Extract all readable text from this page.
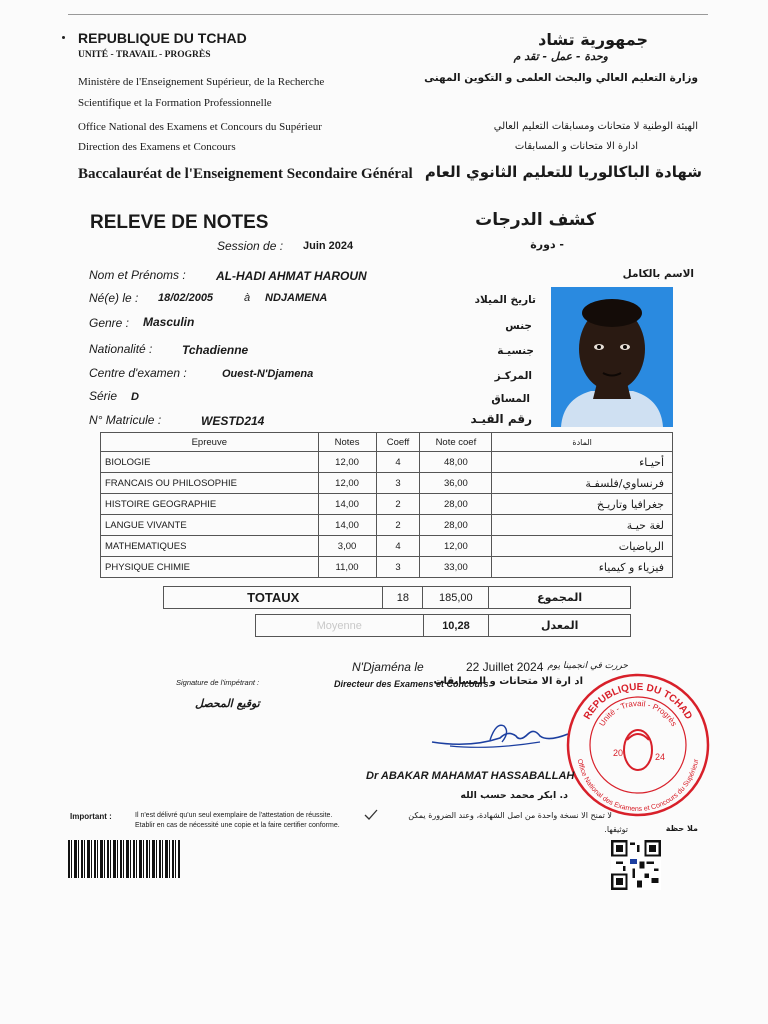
REPUBLIQUE DU TCHAD
UNITÉ - TRAVAIL - PROGRÈS
Ministère de l'Enseignement Supérieur, de la Recherche
Scientifique et la Formation Professionnelle
Office National des Examens et Concours du Supérieur
Direction des Examens et Concours
Baccalauréat de l'Enseignement Secondaire Général
جمهورية تشاد
وحدة - عمل - تقد م
وزارة التعليم العالي والبحث العلمى و التكوين المهنى
الهيئة الوطنية لا متحانات ومسابقات التعليم العالي
ادارة الا متحانات و المسابقات
شهادة الباكالوريا للتعليم الثانوي العام
RELEVE DE NOTES	كشف الدرجات
Session de : Juin 2024	- دورة
Nom et Prénoms :	AL-HADI AHMAT HAROUN	الاسم بالكامل
Né(e) le : 18/02/2005	à NDJAMENA	تاريخ الميلاد
Genre : Masculin	جنس
Nationalité : Tchadienne	جنسيـة
Centre d'examen :	Ouest-N'Djamena	المركـز
Série D	المساق
N° Matricule :	WESTD214	رقم القيـد
Epreuve	Notes	Coeff	Note coef	المادة
BIOLOGIE	12,00	4	48,00	أحيـاء
FRANCAIS OU PHILOSOPHIE	12,00	3	36,00	فرنساوي/فلسفـة
HISTOIRE GEOGRAPHIE	14,00	2	28,00	جغرافيا وتاريـخ
LANGUE VIVANTE	14,00	2	28,00	لغة حيـة
MATHEMATIQUES	3,00	4	12,00	الرياضيات
PHYSIQUE CHIMIE	11,00	3	33,00	فيزياء و كيمياء
TOTAUX	18	185,00	المجموع
Moyenne	10,28	المعدل
N'Djaména le	22 Juillet 2024 حررت في انجمينا يوم
Signature de l'impétrant :	Directeur des Examens et Concours
اد ارة الا متحانات و المسابقات
توقيع المحصل
REPUBLIQUE DU TCHAD
Unité - Travail - Progrès
Office National des Examens et Concours du Supérieur
20	24
Dr ABAKAR MAHAMAT HASSABALLAH
د. ابكر محمد حسب الله
Important :	Il n'est délivré qu'un seul exemplaire de l'attestation de réussite.
Etablir en cas de nécessité une copie et la faire certifier conforme.
لا تمنح الا نسخة واحدة من اصل الشهادة، وعند الضرورة يمكن
توثيقها.	ملا حظة
